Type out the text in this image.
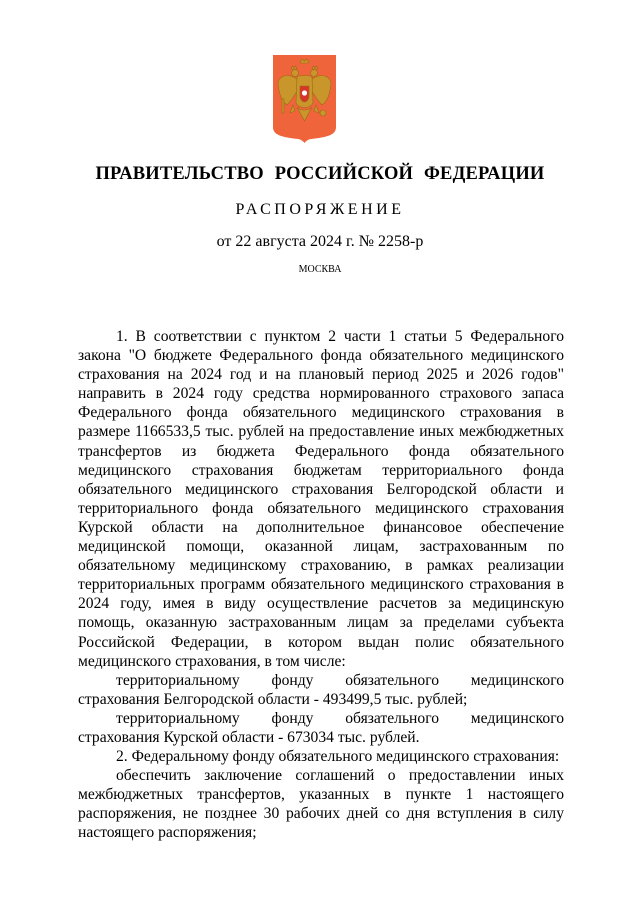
ПРАВИТЕЛЬСТВО РОССИЙСКОЙ ФЕДЕРАЦИИ
РАСПОРЯЖЕНИЕ
от 22 августа 2024 г. № 2258-р
МОСКВА

1. В соответствии с пунктом 2 части 1 статьи 5 Федерального закона "О бюджете Федерального фонда обязательного медицинского страхования на 2024 год и на плановый период 2025 и 2026 годов" направить в 2024 году средства нормированного страхового запаса Федерального фонда обязательного медицинского страхования в размере 1166533,5 тыс. рублей на предоставление иных межбюджетных трансфертов из бюджета Федерального фонда обязательного медицинского страхования бюджетам территориального фонда обязательного медицинского страхования Белгородской области и территориального фонда обязательного медицинского страхования Курской области на дополнительное финансовое обеспечение медицинской помощи, оказанной лицам, застрахованным по обязательному медицинскому страхованию, в рамках реализации территориальных программ обязательного медицинского страхования в 2024 году, имея в виду осуществление расчетов за медицинскую помощь, оказанную застрахованным лицам за пределами субъекта Российской Федерации, в котором выдан полис обязательного медицинского страхования, в том числе:

территориальному фонду обязательного медицинского страхования Белгородской области - 493499,5 тыс. рублей;

территориальному фонду обязательного медицинского страхования Курской области - 673034 тыс. рублей.

2. Федеральному фонду обязательного медицинского страхования:

обеспечить заключение соглашений о предоставлении иных межбюджетных трансфертов, указанных в пункте 1 настоящего распоряжения, не позднее 30 рабочих дней со дня вступления в силу настоящего распоряжения;
